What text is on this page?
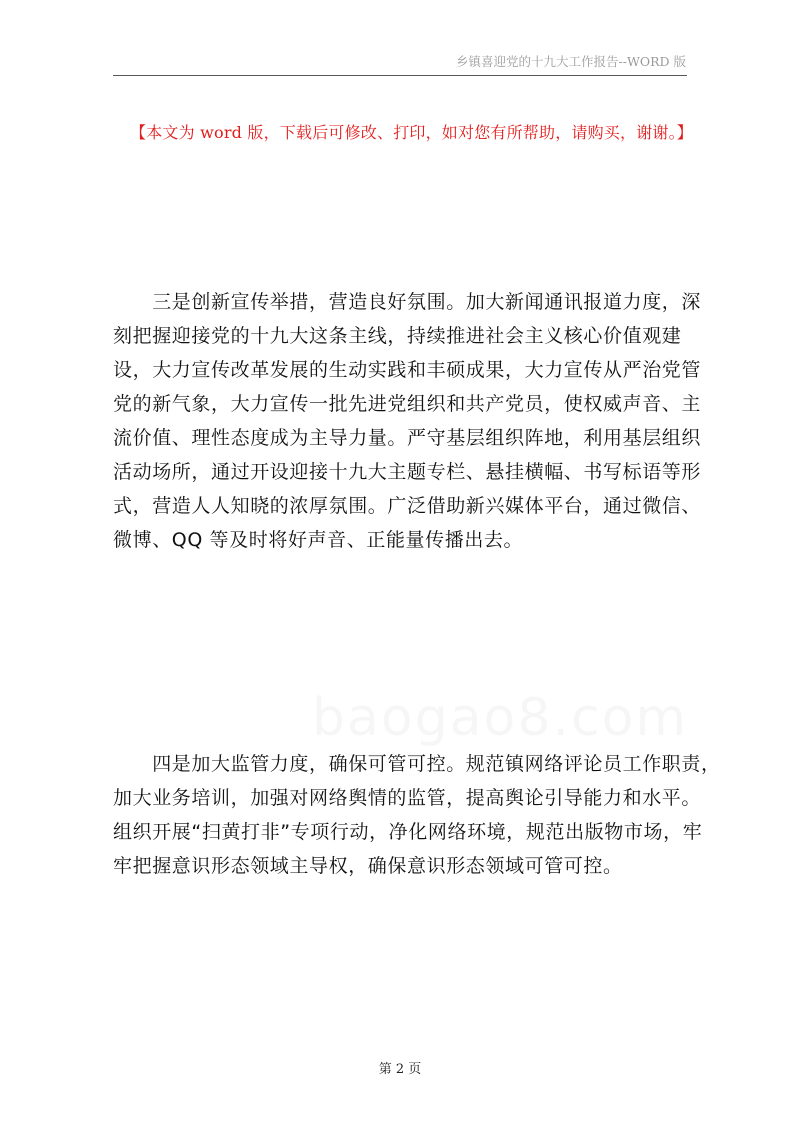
乡镇喜迎党的十九大工作报告--WORD 版
【本文为 word 版，下载后可修改、打印，如对您有所帮助，请购买，谢谢。】
　　三是创新宣传举措，营造良好氛围。加大新闻通讯报道力度，深
刻把握迎接党的十九大这条主线，持续推进社会主义核心价值观建
设，大力宣传改革发展的生动实践和丰硕成果，大力宣传从严治党管
党的新气象，大力宣传一批先进党组织和共产党员，使权威声音、主
流价值、理性态度成为主导力量。严守基层组织阵地，利用基层组织
活动场所，通过开设迎接十九大主题专栏、悬挂横幅、书写标语等形
式，营造人人知晓的浓厚氛围。广泛借助新兴媒体平台，通过微信、
微博、QQ 等及时将好声音、正能量传播出去。
　　四是加大监管力度，确保可管可控。规范镇网络评论员工作职责，
加大业务培训，加强对网络舆情的监管，提高舆论引导能力和水平。
组织开展“扫黄打非”专项行动，净化网络环境，规范出版物市场，牢
牢把握意识形态领域主导权，确保意识形态领域可管可控。
第 2 页
